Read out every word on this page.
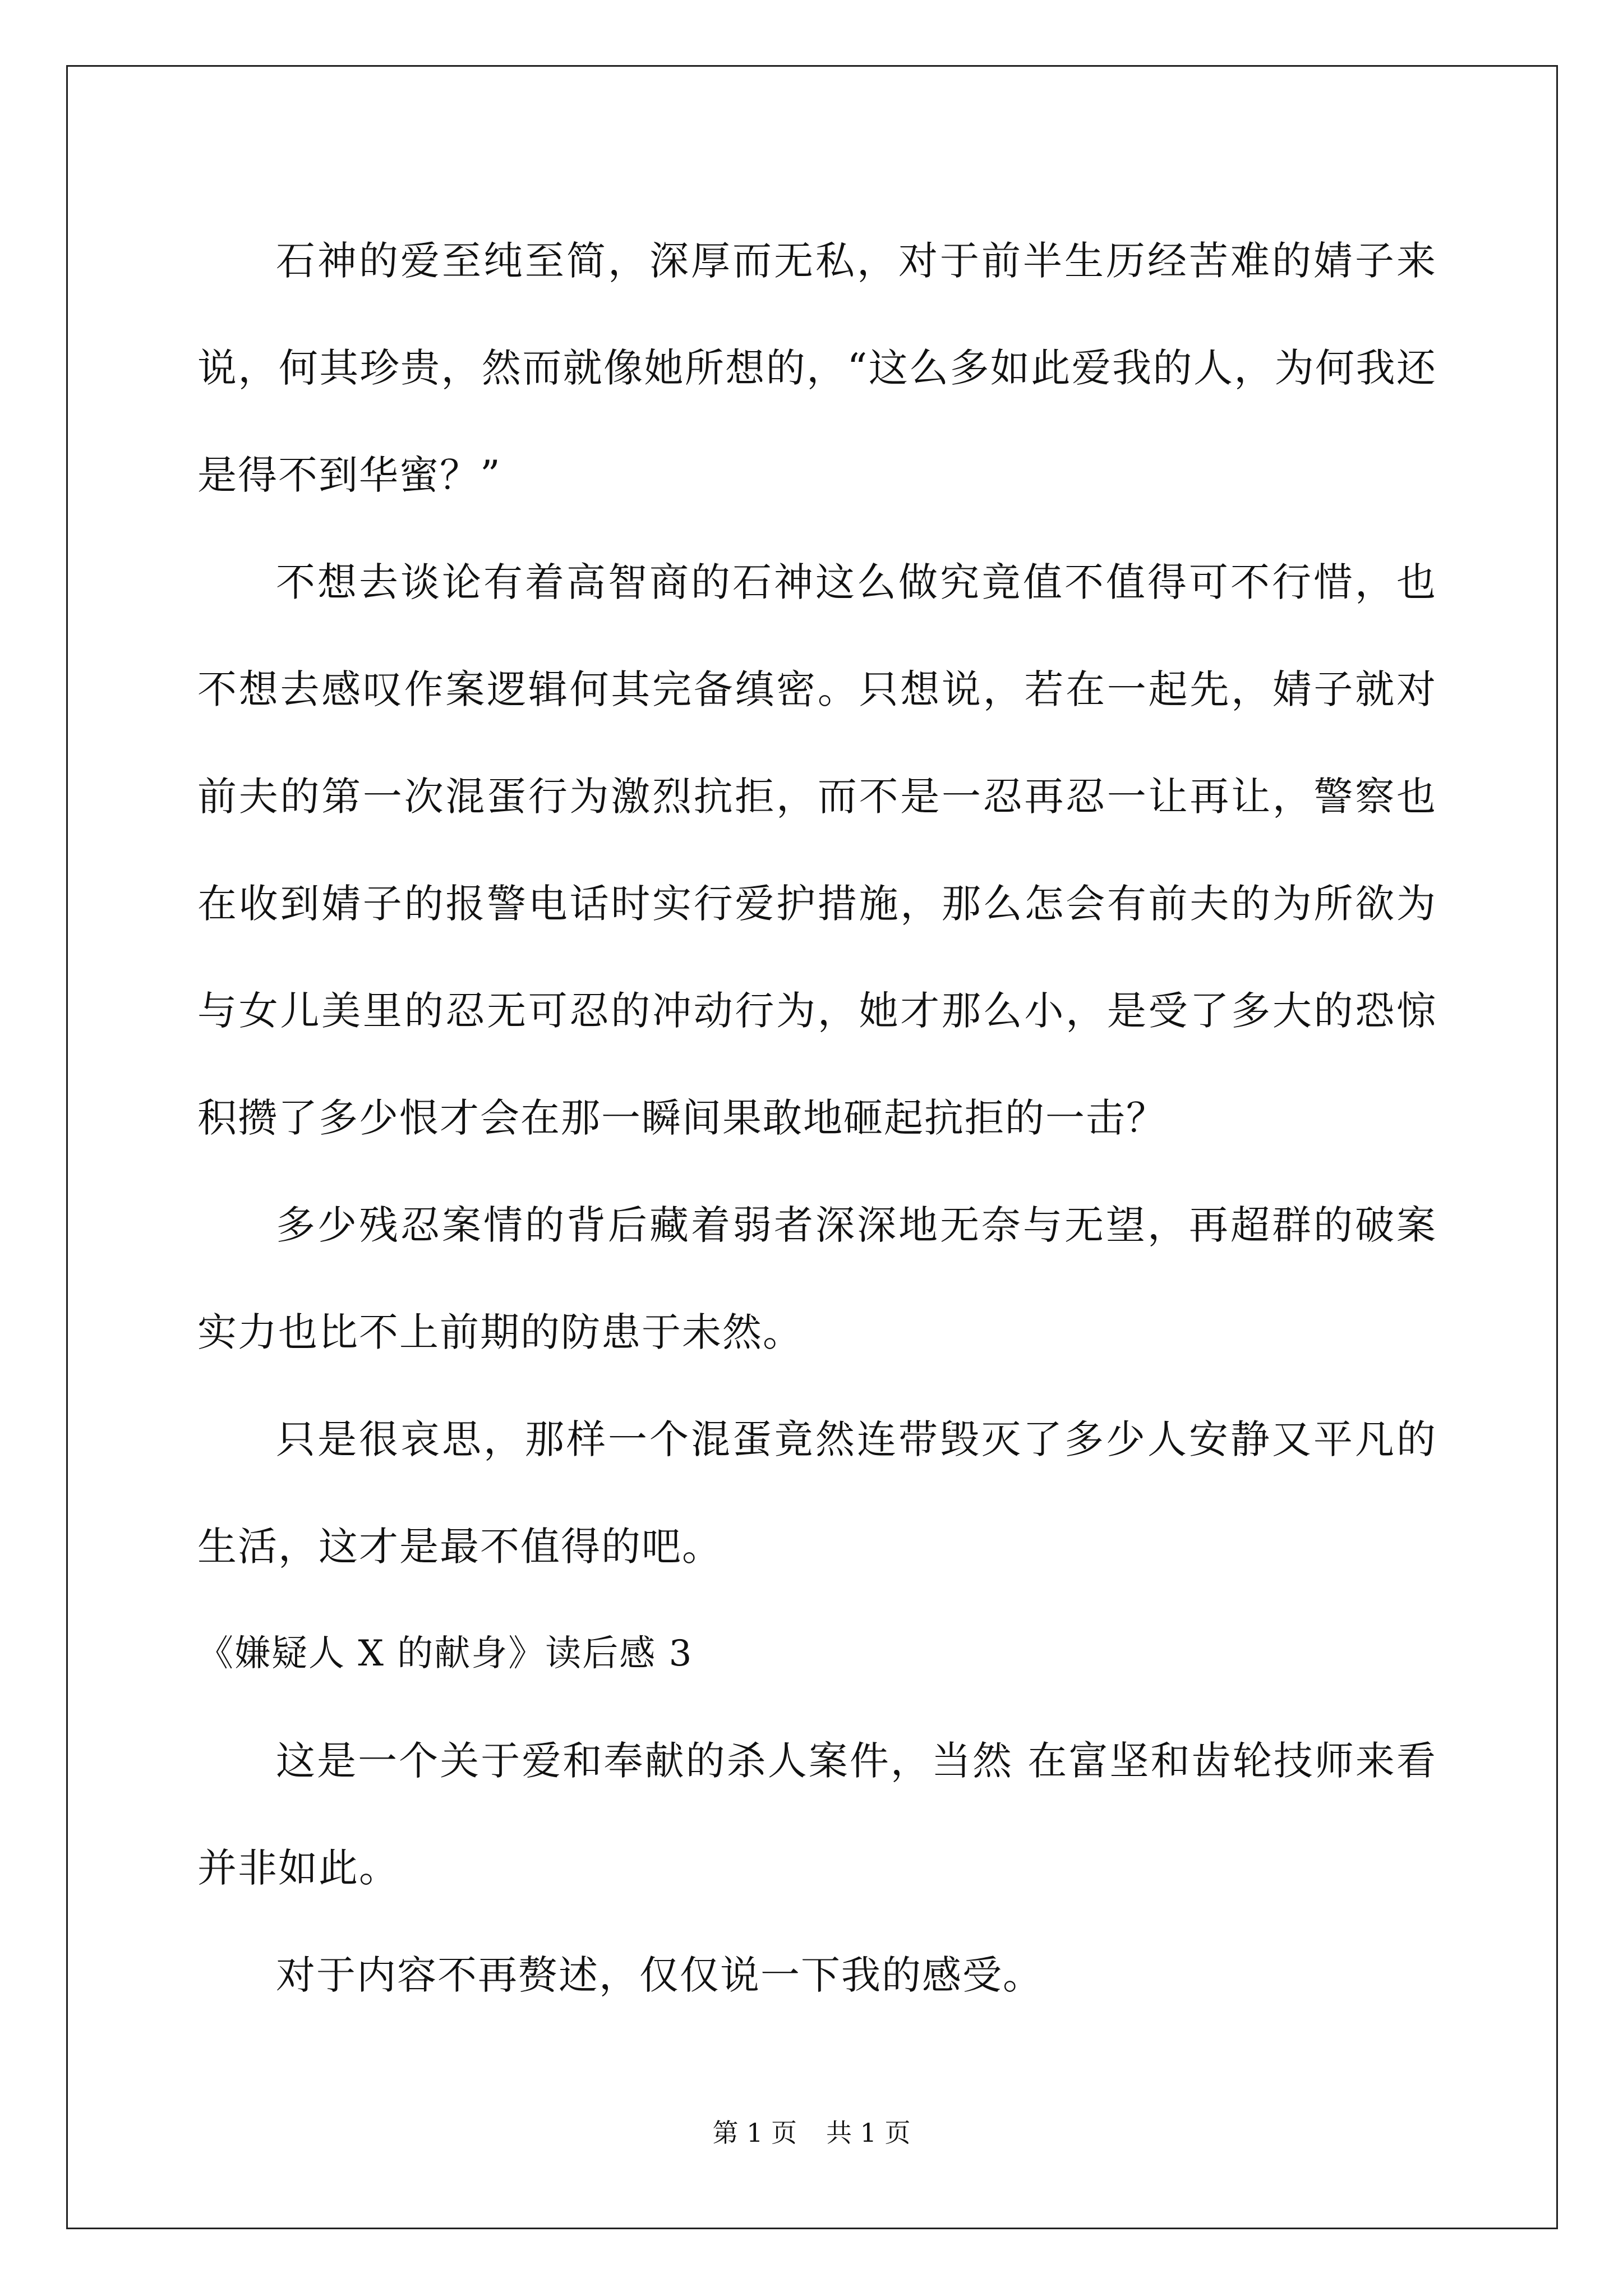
石神的爱至纯至简，深厚而无私，对于前半生历经苦难的婧子来说，何其珍贵，然而就像她所想的，“这么多如此爱我的人，为何我还是得不到华蜜？”

不想去谈论有着高智商的石神这么做究竟值不值得可不行惜，也不想去感叹作案逻辑何其完备缜密。只想说，若在一起先，婧子就对前夫的第一次混蛋行为激烈抗拒，而不是一忍再忍一让再让，警察也在收到婧子的报警电话时实行爱护措施，那么怎会有前夫的为所欲为与女儿美里的忍无可忍的冲动行为，她才那么小，是受了多大的恐惊积攒了多少恨才会在那一瞬间果敢地砸起抗拒的一击？

多少残忍案情的背后藏着弱者深深地无奈与无望，再超群的破案实力也比不上前期的防患于未然。

只是很哀思，那样一个混蛋竟然连带毁灭了多少人安静又平凡的生活，这才是最不值得的吧。

《嫌疑人 X 的献身》读后感 3

这是一个关于爱和奉献的杀人案件，当然 在富坚和齿轮技师来看并非如此。

对于内容不再赘述，仅仅说一下我的感受。

第 1 页 共 1 页
